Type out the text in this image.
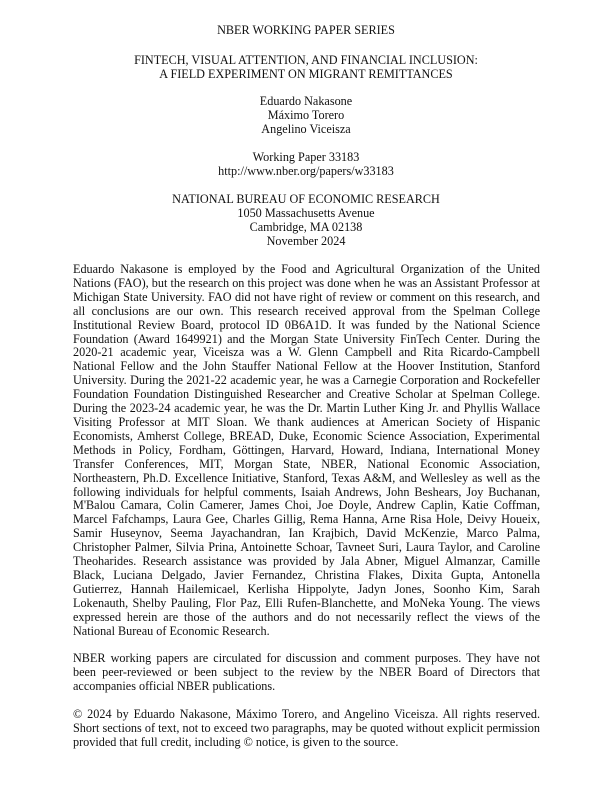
NBER WORKING PAPER SERIES
FINTECH, VISUAL ATTENTION, AND FINANCIAL INCLUSION:
A FIELD EXPERIMENT ON MIGRANT REMITTANCES
Eduardo Nakasone
Máximo Torero
Angelino Viceisza
Working Paper 33183
http://www.nber.org/papers/w33183
NATIONAL BUREAU OF ECONOMIC RESEARCH
1050 Massachusetts Avenue
Cambridge, MA 02138
November 2024
Eduardo Nakasone is employed by the Food and Agricultural Organization of the United Nations (FAO), but the research on this project was done when he was an Assistant Professor at Michigan State University. FAO did not have right of review or comment on this research, and all conclusions are our own. This research received approval from the Spelman College Institutional Review Board, protocol ID 0B6A1D. It was funded by the National Science Foundation (Award 1649921) and the Morgan State University FinTech Center. During the 2020-21 academic year, Viceisza was a W. Glenn Campbell and Rita Ricardo-Campbell National Fellow and the John Stauffer National Fellow at the Hoover Institution, Stanford University. During the 2021-22 academic year, he was a Carnegie Corporation and Rockefeller Foundation Foundation Distinguished Researcher and Creative Scholar at Spelman College. During the 2023-24 academic year, he was the Dr. Martin Luther King Jr. and Phyllis Wallace Visiting Professor at MIT Sloan. We thank audiences at American Society of Hispanic Economists, Amherst College, BREAD, Duke, Economic Science Association, Experimental Methods in Policy, Fordham, Göttingen, Harvard, Howard, Indiana, International Money Transfer Conferences, MIT, Morgan State, NBER, National Economic Association, Northeastern, Ph.D. Excellence Initiative, Stanford, Texas A&M, and Wellesley as well as the following individuals for helpful comments, Isaiah Andrews, John Beshears, Joy Buchanan, M'Balou Camara, Colin Camerer, James Choi, Joe Doyle, Andrew Caplin, Katie Coffman, Marcel Fafchamps, Laura Gee, Charles Gillig, Rema Hanna, Arne Risa Hole, Deivy Houeix, Samir Huseynov, Seema Jayachandran, Ian Krajbich, David McKenzie, Marco Palma, Christopher Palmer, Silvia Prina, Antoinette Schoar, Tavneet Suri, Laura Taylor, and Caroline Theoharides. Research assistance was provided by Jala Abner, Miguel Almanzar, Camille Black, Luciana Delgado, Javier Fernandez, Christina Flakes, Dixita Gupta, Antonella Gutierrez, Hannah Hailemicael, Kerlisha Hippolyte, Jadyn Jones, Soonho Kim, Sarah Lokenauth, Shelby Pauling, Flor Paz, Elli Rufen-Blanchette, and MoNeka Young. The views expressed herein are those of the authors and do not necessarily reflect the views of the National Bureau of Economic Research.
NBER working papers are circulated for discussion and comment purposes. They have not been peer-reviewed or been subject to the review by the NBER Board of Directors that accompanies official NBER publications.
© 2024 by Eduardo Nakasone, Máximo Torero, and Angelino Viceisza. All rights reserved. Short sections of text, not to exceed two paragraphs, may be quoted without explicit permission provided that full credit, including © notice, is given to the source.
